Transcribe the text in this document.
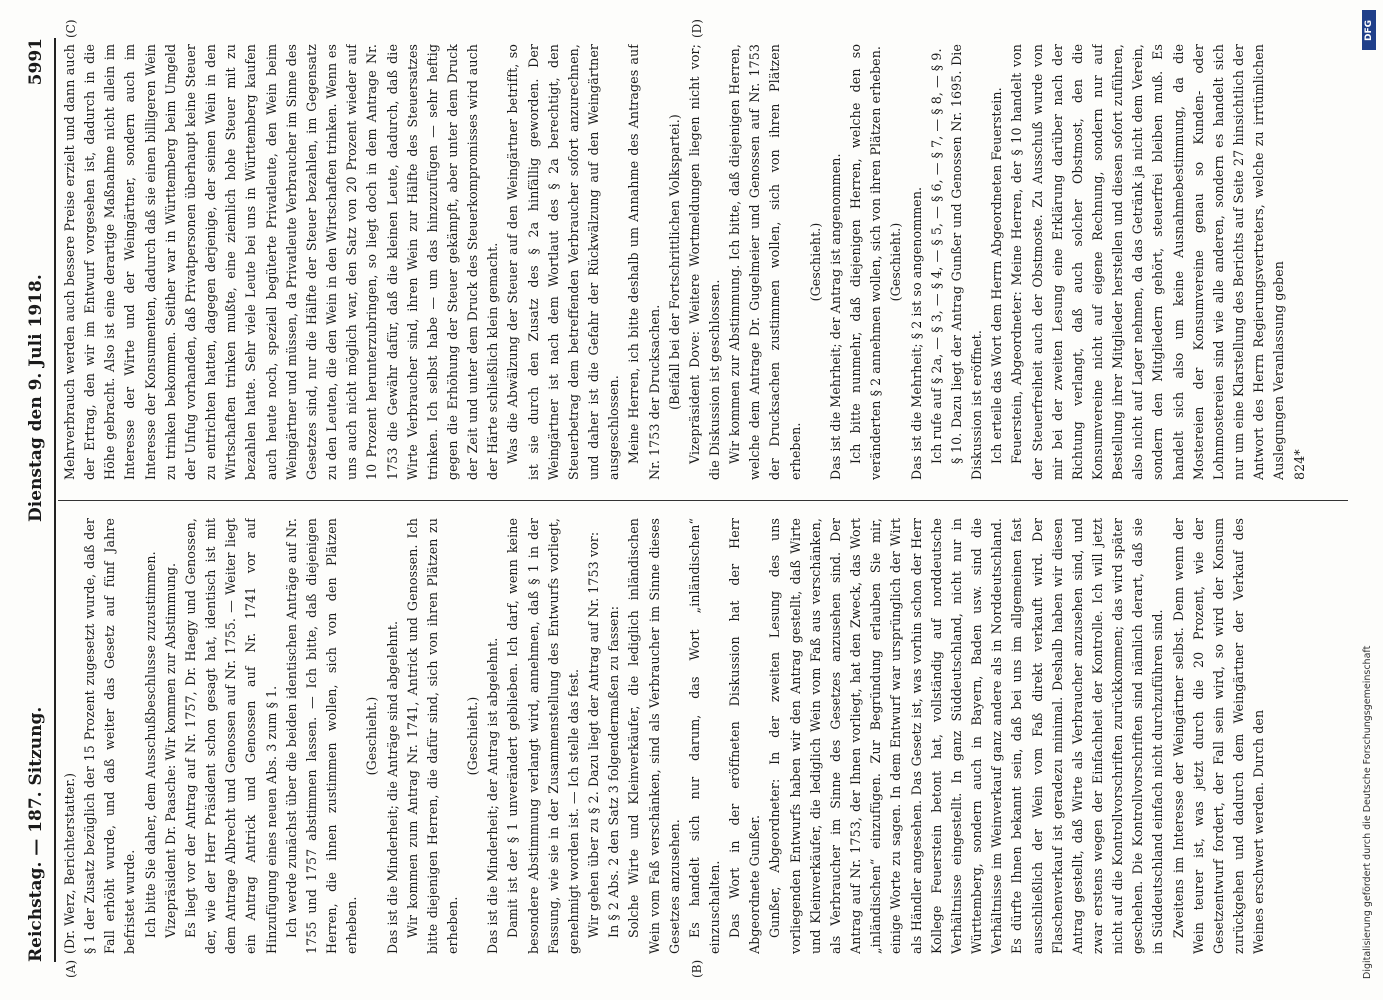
Reichstag. — 187. Sitzung.
Dienstag den 9. Juli 1918.
5991

(Dr. Werz, Berichterstatter.) § 1 der Zusatz bezüglich der 15 Prozent zugesetzt wurde, daß der Fall erhöht wurde, und daß weiter das Gesetz auf fünf Jahre befristet wurde. Ich bitte Sie daher, dem Ausschußbeschlusse zuzustimmen. Vizepräsident Dr. Paasche: Wir kommen zur Abstimmung. Es liegt vor der Antrag auf Nr. 1757, Dr. Haegy und Genossen, der, wie der Herr Präsident schon gesagt hat, identisch ist mit dem Antrage Albrecht und Genossen auf Nr. 1755. — Weiter liegt ein Antrag Antrick und Genossen auf Nr. 1741 vor auf Hinzufügung eines neuen Abs. 3 zum § 1. Ich werde zunächst über die beiden identischen Anträge auf Nr. 1755 und 1757 abstimmen lassen. — Ich bitte, daß diejenigen Herren, die ihnen zustimmen wollen, sich von den Plätzen erheben.

(Geschieht.) Das ist die Minderheit; die Anträge sind abgelehnt. Wir kommen zum Antrag Nr. 1741, Antrick und Genossen. Ich bitte diejenigen Herren, die dafür sind, sich von ihren Plätzen zu erheben.

(Geschieht.) Das ist die Minderheit; der Antrag ist abgelehnt. Damit ist der § 1 unverändert geblieben. Ich darf, wenn keine besondere Abstimmung verlangt wird, annehmen, daß § 1 in der Fassung, wie sie in der Zusammenstellung des Entwurfs vorliegt, genehmigt worden ist. — Ich stelle das fest. Wir gehen über zu § 2. Dazu liegt der Antrag auf Nr. 1753 vor: In § 2 Abs. 2 den Satz 3 folgendermaßen zu fassen: Solche Wirte und Kleinverkäufer, die lediglich inländischen Wein vom Faß verschänken, sind als Verbraucher im Sinne dieses Gesetzes anzusehen. Es handelt sich nur darum, das Wort „inländischen“ einzuschalten. Das Wort in der eröffneten Diskussion hat der Herr Abgeordnete Gunßer. Gunßer, Abgeordneter: In der zweiten Lesung des uns vorliegenden Entwurfs haben wir den Antrag gestellt, daß Wirte und Kleinverkäufer, die lediglich Wein vom Faß aus verschänken, als Verbraucher im Sinne des Gesetzes anzusehen sind. Der Antrag auf Nr. 1753, der Ihnen vorliegt, hat den Zweck, das Wort „inländischen“ einzufügen. Zur Begründung erlauben Sie mir, einige Worte zu sagen. In dem Entwurf war ursprünglich der Wirt als Händler angesehen. Das Gesetz ist, was vorhin schon der Herr Kollege Feuerstein betont hat, vollständig auf norddeutsche Verhältnisse eingestellt. In ganz Süddeutschland, nicht nur in Württemberg, sondern auch in Bayern, Baden usw. sind die Verhältnisse im Weinverkauf ganz andere als in Norddeutschland. Es dürfte Ihnen bekannt sein, daß bei uns im allgemeinen fast ausschließlich der Wein vom Faß direkt verkauft wird. Der Flaschenverkauf ist geradezu minimal. Deshalb haben wir diesen Antrag gestellt, daß Wirte als Verbraucher anzusehen sind, und zwar erstens wegen der Einfachheit der Kontrolle. Ich will jetzt nicht auf die Kontrollvorschriften zurückkommen; das wird später geschehen. Die Kontrollvorschriften sind nämlich derart, daß sie in Süddeutschland einfach nicht durchzuführen sind. Zweitens im Interesse der Weingärtner selbst. Denn wenn der Wein teurer ist, was jetzt durch die 20 Prozent, wie der Gesetzentwurf fordert, der Fall sein wird, so wird der Konsum zurückgehen und dadurch dem Weingärtner der Verkauf des Weines erschwert werden. Durch den

Mehrverbrauch werden auch bessere Preise erzielt und dann auch der Ertrag, den wir im Entwurf vorgesehen ist, dadurch in die Höhe gebracht. Also ist eine derartige Maßnahme nicht allein im Interesse der Wirte und der Weingärtner, sondern auch im Interesse der Konsumenten, dadurch daß sie einen billigeren Wein zu trinken bekommen. Seither war in Württemberg beim Umgeld der Unfug vorhanden, daß Privatpersonen überhaupt keine Steuer zu entrichten hatten, dagegen derjenige, der seinen Wein in den Wirtschaften trinken mußte, eine ziemlich hohe Steuer mit zu bezahlen hatte. Sehr viele Leute bei uns in Württemberg kaufen auch heute noch, speziell begüterte Privatleute, den Wein beim Weingärtner und müssen, da Privatleute Verbraucher im Sinne des Gesetzes sind, nur die Hälfte der Steuer bezahlen, im Gegensatz zu den Leuten, die den Wein in den Wirtschaften trinken. Wenn es uns auch nicht möglich war, den Satz von 20 Prozent wieder auf 10 Prozent herunterzubringen, so liegt doch in dem Antrage Nr. 1753 die Gewähr dafür, daß die kleinen Leute, dadurch, daß die Wirte Verbraucher sind, ihren Wein zur Hälfte des Steuersatzes trinken. Ich selbst habe — um das hinzuzufügen — sehr heftig gegen die Erhöhung der Steuer gekämpft, aber unter dem Druck der Zeit und unter dem Druck des Steuerkompromisses wird auch der Härte schließlich klein gemacht. Was die Abwälzung der Steuer auf den Weingärtner betrifft, so ist sie durch den Zusatz des § 2a hinfällig geworden. Der Weingärtner ist nach dem Wortlaut des § 2a berechtigt, den Steuerbetrag dem betreffenden Verbraucher sofort anzurechnen, und daher ist die Gefahr der Rückwälzung auf den Weingärtner ausgeschlossen. Meine Herren, ich bitte deshalb um Annahme des Antrages auf Nr. 1753 der Drucksachen. (Beifall bei der Fortschrittlichen Volkspartei.) Vizepräsident Dove: Weitere Wortmeldungen liegen nicht vor; die Diskussion ist geschlossen. Wir kommen zur Abstimmung. Ich bitte, daß diejenigen Herren, welche dem Antrage Dr. Gugelmeier und Genossen auf Nr. 1753 der Drucksachen zustimmen wollen, sich von ihren Plätzen erheben.

(Geschieht.) Das ist die Mehrheit; der Antrag ist angenommen. Ich bitte nunmehr, daß diejenigen Herren, welche den so veränderten § 2 annehmen wollen, sich von ihren Plätzen erheben. (Geschieht.) Das ist die Mehrheit; § 2 ist so angenommen. Ich rufe auf § 2a, — § 3, — § 4, — § 5, — § 6, — § 7, — § 8, — § 9. § 10. Dazu liegt der Antrag Gunßer und Genossen Nr. 1695. Die Diskussion ist eröffnet. Ich erteile das Wort dem Herrn Abgeordneten Feuerstein. Feuerstein, Abgeordneter: Meine Herren, der § 10 handelt von der Steuerfreiheit auch der Obstmoste. Zu Ausschuß wurde von mir bei der zweiten Lesung eine Erklärung darüber nach der Richtung verlangt, daß auch solcher Obstmost, den die Konsumvereine nicht auf eigene Rechnung, sondern nur auf Bestellung ihrer Mitglieder herstellen und diesen sofort zuführen, also nicht auf Lager nehmen, da das Getränk ja nicht dem Verein, sondern den Mitgliedern gehört, steuerfrei bleiben muß. Es handelt sich also um keine Ausnahmebestimmung, da die Mostereien der Konsumvereine genau so Kunden- oder Lohnmostereien sind wie alle anderen, sondern es handelt sich nur um eine Klarstellung des Berichts auf Seite 27 hinsichtlich der Antwort des Herrn Regierungsvertreters, welche zu irrtümlichen Auslegungen Veranlassung geben 824*

(A)	(B)
(C)	(D)	DFG
Digitalisierung gefördert durch die Deutsche Forschungsgemeinschaft
